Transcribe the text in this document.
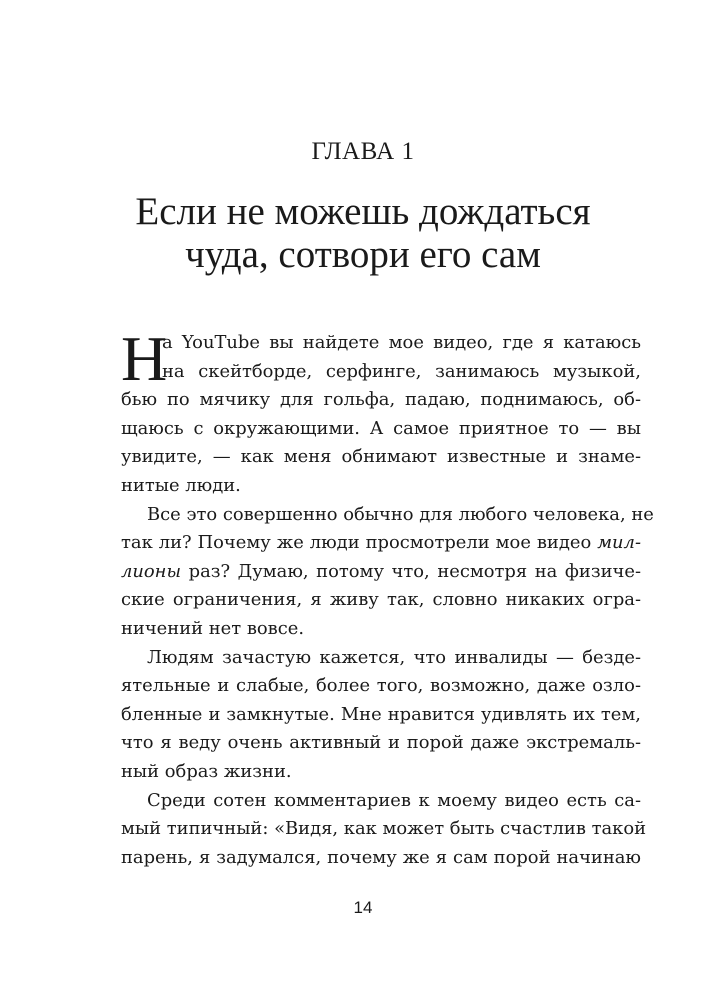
ГЛАВА 1
Если не можешь дождаться
чуда, сотвори его сам
Н
а YouTube вы найдете мое видео, где я катаюсь
на скейтборде, серфинге, занимаюсь музыкой,
бью по мячику для гольфа, падаю, поднимаюсь, об-
щаюсь с окружающими. А самое приятное то — вы
увидите, — как меня обнимают известные и знаме-
нитые люди.
Все это совершенно обычно для любого человека, не
так ли? Почему же люди просмотрели мое видео мил-
лионы раз? Думаю, потому что, несмотря на физиче-
ские ограничения, я живу так, словно никаких огра-
ничений нет вовсе.
Людям зачастую кажется, что инвалиды — безде-
ятельные и слабые, более того, возможно, даже озло-
бленные и замкнутые. Мне нравится удивлять их тем,
что я веду очень активный и порой даже экстремаль-
ный образ жизни.
Среди сотен комментариев к моему видео есть са-
мый типичный: «Видя, как может быть счастлив такой
парень, я задумался, почему же я сам порой начинаю
14
